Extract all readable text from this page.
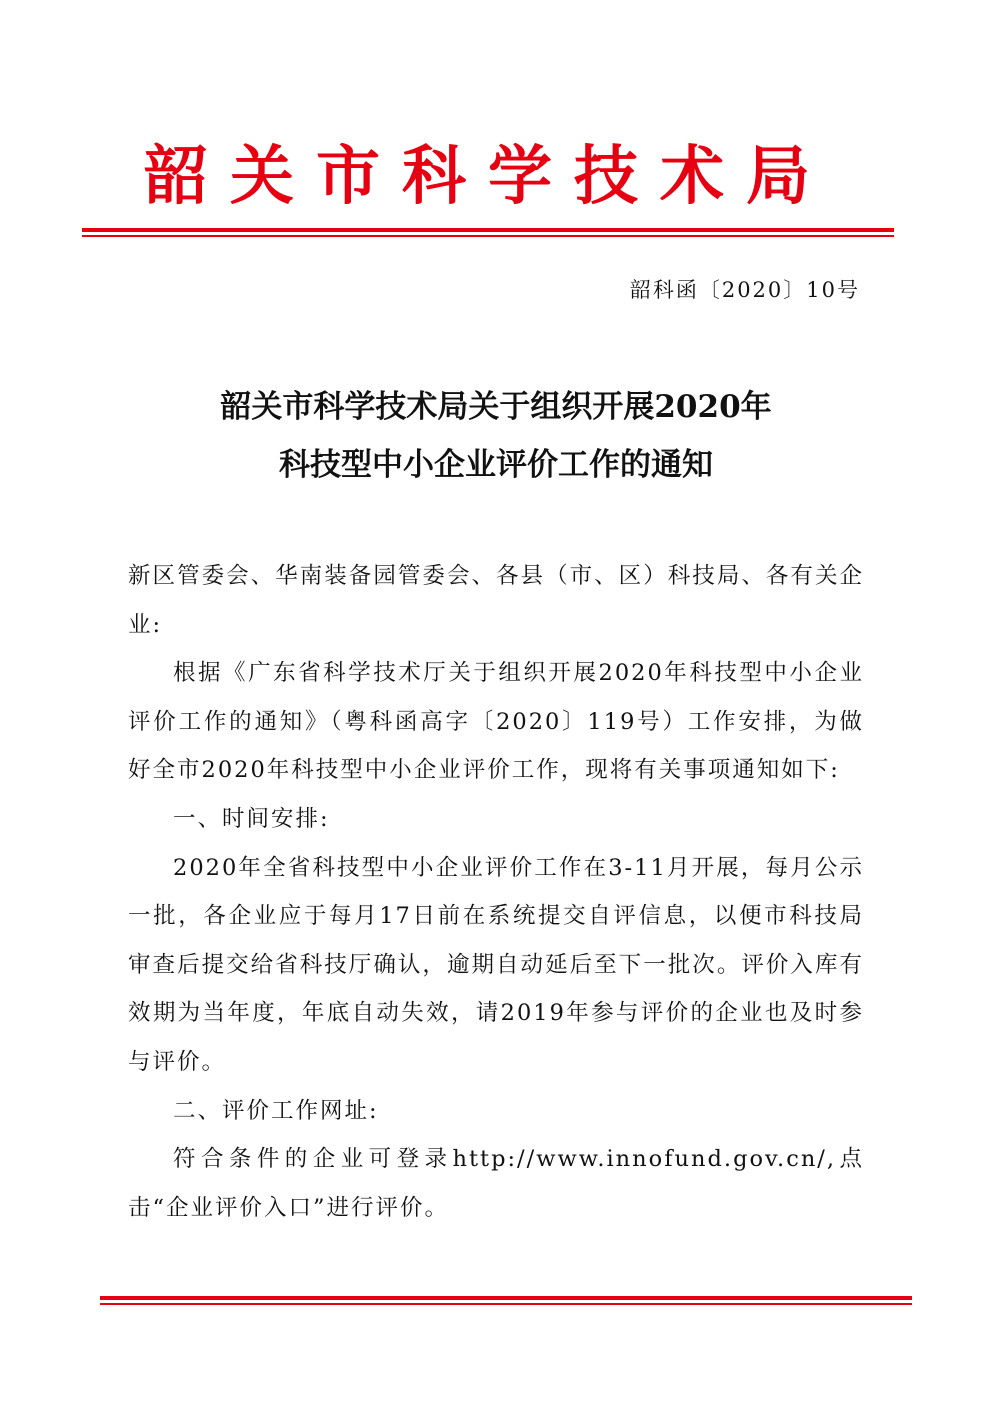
韶关市科学技术局
韶科函〔2020〕10号
韶关市科学技术局关于组织开展2020年
科技型中小企业评价工作的通知

新区管委会、华南装备园管委会、各县（市、区）科技局、各有关企业:

根据《广东省科学技术厅关于组织开展2020年科技型中小企业评价工作的通知》（粤科函高字〔2020〕119号）工作安排，为做好全市2020年科技型中小企业评价工作，现将有关事项通知如下:

一、时间安排:

2020年全省科技型中小企业评价工作在3-11月开展，每月公示一批，各企业应于每月17日前在系统提交自评信息，以便市科技局审查后提交给省科技厅确认，逾期自动延后至下一批次。评价入库有效期为当年度，年底自动失效，请2019年参与评价的企业也及时参与评价。

二、评价工作网址:

符合条件的企业可登录http://www.innofund.gov.cn/,点击“企业评价入口”进行评价。
